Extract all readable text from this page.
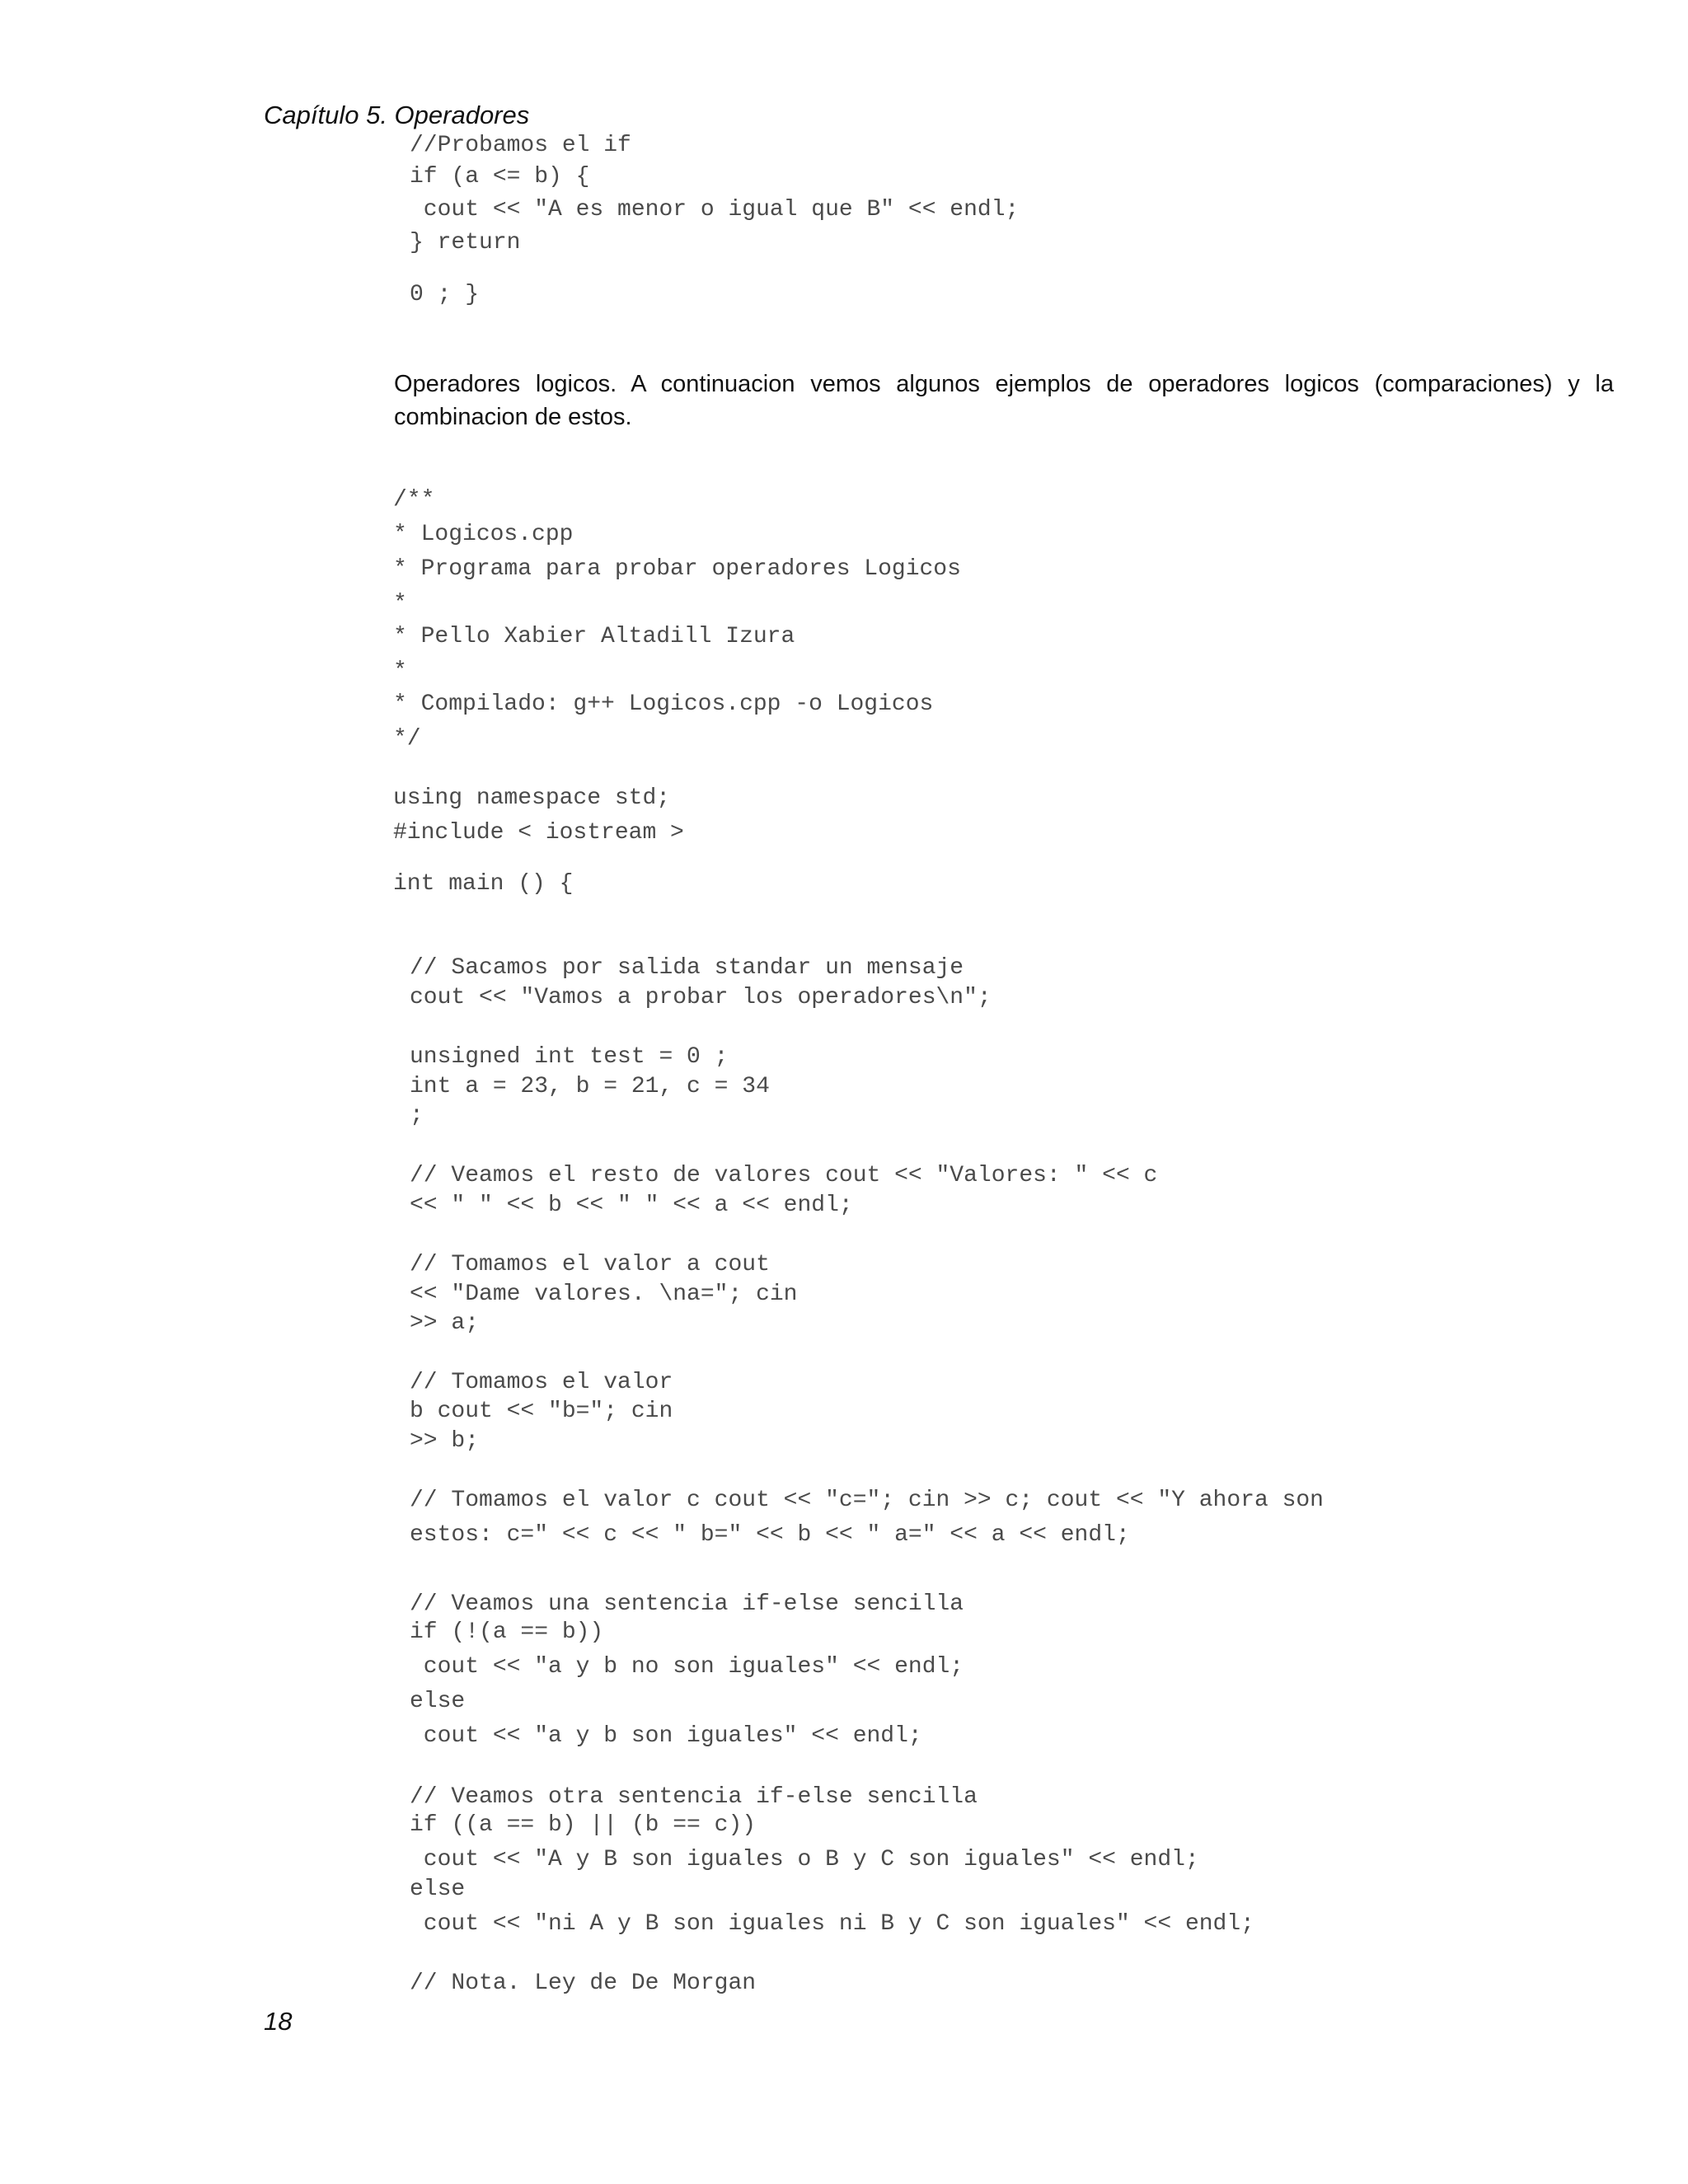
Capítulo 5. Operadores
//Probamos el if
if (a <= b) {
cout << "A es menor o igual que B" << endl;
} return
0 ; }
Operadores logicos. A continuacion vemos algunos ejemplos de operadores logicos (comparaciones) y la combinacion de estos.
/**
* Logicos.cpp
* Programa para probar operadores Logicos
*
* Pello Xabier Altadill Izura
*
* Compilado: g++ Logicos.cpp -o Logicos
*/
using namespace std;
#include < iostream >
int main () {
// Sacamos por salida standar un mensaje
cout << "Vamos a probar los operadores\n";
unsigned int test = 0 ;
int a = 23, b = 21, c = 34
;
// Veamos el resto de valores cout << "Valores: " << c
<< " " << b << " " << a << endl;
// Tomamos el valor a cout
<< "Dame valores. \na="; cin
>> a;
// Tomamos el valor
b cout << "b="; cin
>> b;
// Tomamos el valor c cout << "c="; cin >> c; cout << "Y ahora son
estos: c=" << c << " b=" << b << " a=" << a << endl;
// Veamos una sentencia if-else sencilla
if (!(a == b))
cout << "a y b no son iguales" << endl;
else
cout << "a y b son iguales" << endl;
// Veamos otra sentencia if-else sencilla
if ((a == b) || (b == c))
cout << "A y B son iguales o B y C son iguales" << endl;
else
cout << "ni A y B son iguales ni B y C son iguales" << endl;
// Nota. Ley de De Morgan
18
